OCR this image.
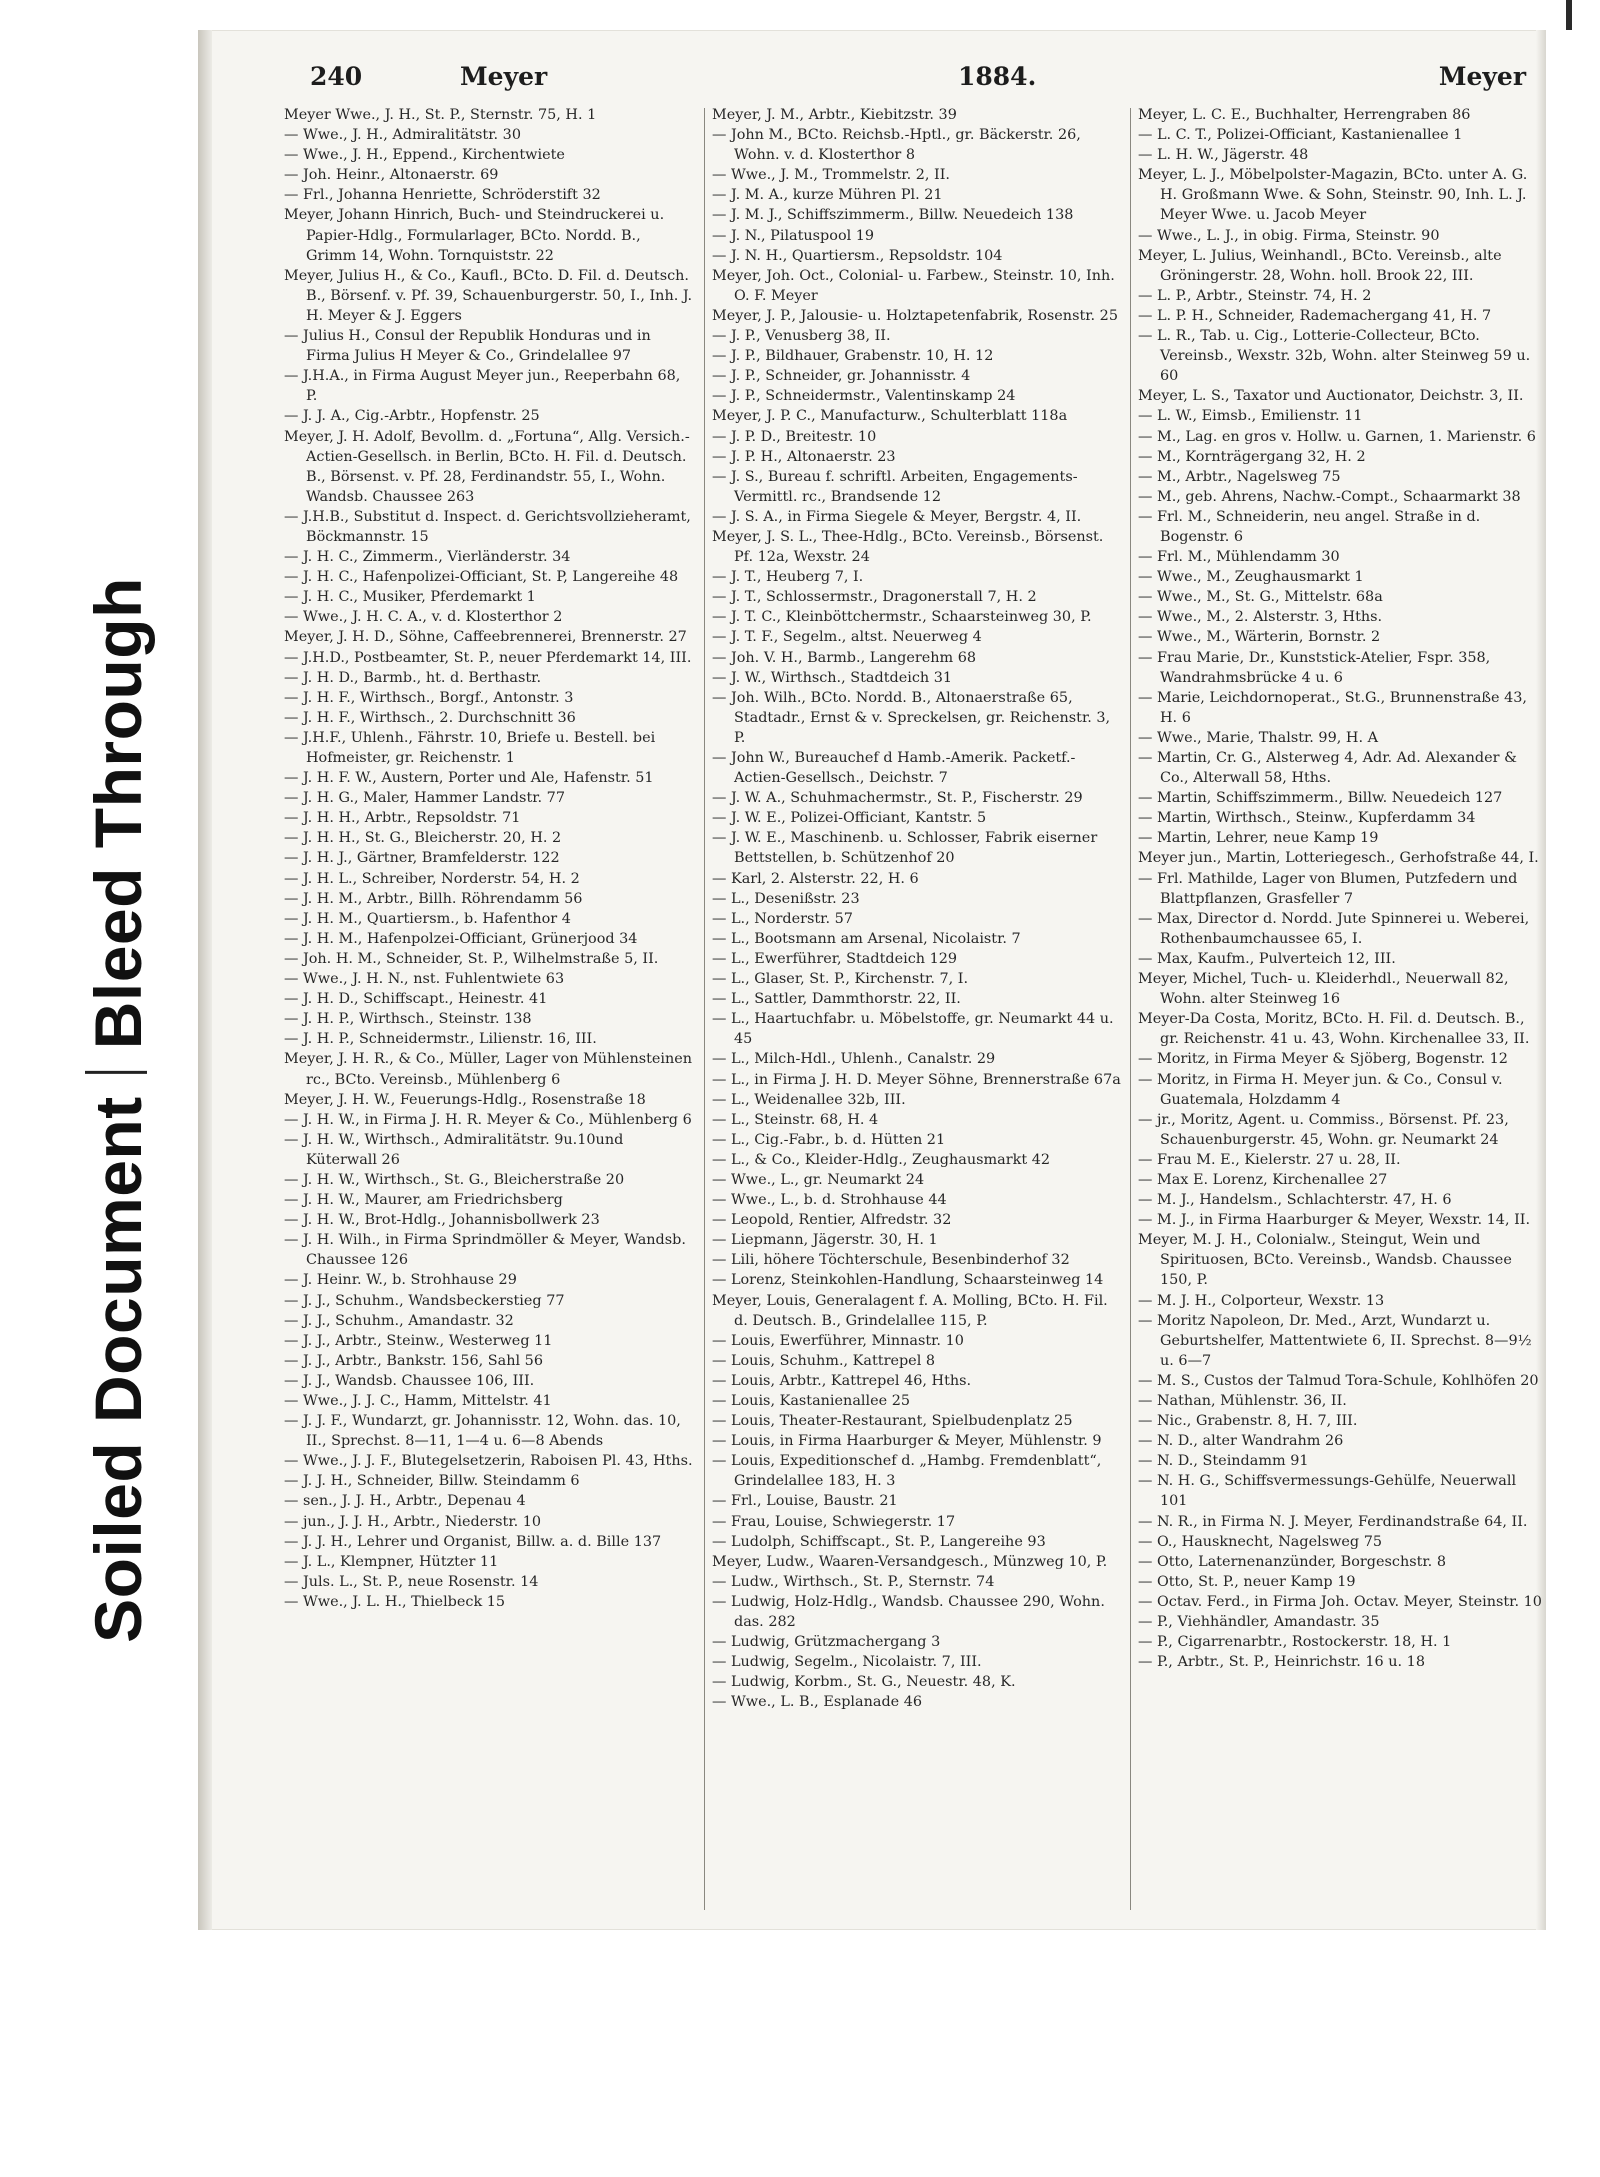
Soiled DocumentBleed Through
240	Meyer	1884.	Meyer

Meyer Wwe., J. H., St. P., Sternstr. 75, H. 1

— Wwe., J. H., Admiralitätstr. 30

— Wwe., J. H., Eppend., Kirchentwiete

— Joh. Heinr., Altonaerstr. 69

— Frl., Johanna Henriette, Schröderstift 32

Meyer, Johann Hinrich, Buch- und Steindruckerei u. Papier-Hdlg., Formularlager, BCto. Nordd. B., Grimm 14, Wohn. Tornquiststr. 22

Meyer, Julius H., & Co., Kaufl., BCto. D. Fil. d. Deutsch. B., Börsenf. v. Pf. 39, Schauenburgerstr. 50, I., Inh. J. H. Meyer & J. Eggers

— Julius H., Consul der Republik Honduras und in Firma Julius H Meyer & Co., Grindelallee 97

— J.H.A., in Firma August Meyer jun., Reeperbahn 68, P.

— J. J. A., Cig.-Arbtr., Hopfenstr. 25

Meyer, J. H. Adolf, Bevollm. d. „Fortuna“, Allg. Versich.-Actien-Gesellsch. in Berlin, BCto. H. Fil. d. Deutsch. B., Börsenst. v. Pf. 28, Ferdinandstr. 55, I., Wohn. Wandsb. Chaussee 263

— J.H.B., Substitut d. Inspect. d. Gerichtsvollzieheramt, Böckmannstr. 15

— J. H. C., Zimmerm., Vierländerstr. 34

— J. H. C., Hafenpolizei-Officiant, St. P, Langereihe 48

— J. H. C., Musiker, Pferdemarkt 1

— Wwe., J. H. C. A., v. d. Klosterthor 2

Meyer, J. H. D., Söhne, Caffeebrennerei, Brennerstr. 27

— J.H.D., Postbeamter, St. P., neuer Pferdemarkt 14, III.

— J. H. D., Barmb., ht. d. Berthastr.

— J. H. F., Wirthsch., Borgf., Antonstr. 3

— J. H. F., Wirthsch., 2. Durchschnitt 36

— J.H.F., Uhlenh., Fährstr. 10, Briefe u. Bestell. bei Hofmeister, gr. Reichenstr. 1

— J. H. F. W., Austern, Porter und Ale, Hafenstr. 51

— J. H. G., Maler, Hammer Landstr. 77

— J. H. H., Arbtr., Repsoldstr. 71

— J. H. H., St. G., Bleicherstr. 20, H. 2

— J. H. J., Gärtner, Bramfelderstr. 122

— J. H. L., Schreiber, Norderstr. 54, H. 2

— J. H. M., Arbtr., Billh. Röhrendamm 56

— J. H. M., Quartiersm., b. Hafenthor 4

— J. H. M., Hafenpolzei-Officiant, Grünerjood 34

— Joh. H. M., Schneider, St. P., Wilhelmstraße 5, II.

— Wwe., J. H. N., nst. Fuhlentwiete 63

— J. H. D., Schiffscapt., Heinestr. 41

— J. H. P., Wirthsch., Steinstr. 138

— J. H. P., Schneidermstr., Lilienstr. 16, III.

Meyer, J. H. R., & Co., Müller, Lager von Mühlensteinen rc., BCto. Vereinsb., Mühlenberg 6

Meyer, J. H. W., Feuerungs-Hdlg., Rosenstraße 18

— J. H. W., in Firma J. H. R. Meyer & Co., Mühlenberg 6

— J. H. W., Wirthsch., Admiralitätstr. 9u.10und Küterwall 26

— J. H. W., Wirthsch., St. G., Bleicherstraße 20

— J. H. W., Maurer, am Friedrichsberg

— J. H. W., Brot-Hdlg., Johannisbollwerk 23

— J. H. Wilh., in Firma Sprindmöller & Meyer, Wandsb. Chaussee 126

— J. Heinr. W., b. Strohhause 29

— J. J., Schuhm., Wandsbeckerstieg 77

— J. J., Schuhm., Amandastr. 32

— J. J., Arbtr., Steinw., Westerweg 11

— J. J., Arbtr., Bankstr. 156, Sahl 56

— J. J., Wandsb. Chaussee 106, III.

— Wwe., J. J. C., Hamm, Mittelstr. 41

— J. J. F., Wundarzt, gr. Johannisstr. 12, Wohn. das. 10, II., Sprechst. 8—11, 1—4 u. 6—8 Abends

— Wwe., J. J. F., Blutegelsetzerin, Raboisen Pl. 43, Hths.

— J. J. H., Schneider, Billw. Steindamm 6

— sen., J. J. H., Arbtr., Depenau 4

— jun., J. J. H., Arbtr., Niederstr. 10

— J. J. H., Lehrer und Organist, Billw. a. d. Bille 137

— J. L., Klempner, Hützter 11

— Juls. L., St. P., neue Rosenstr. 14

— Wwe., J. L. H., Thielbeck 15

Meyer, J. M., Arbtr., Kiebitzstr. 39

— John M., BCto. Reichsb.-Hptl., gr. Bäckerstr. 26, Wohn. v. d. Klosterthor 8

— Wwe., J. M., Trommelstr. 2, II.

— J. M. A., kurze Mühren Pl. 21

— J. M. J., Schiffszimmerm., Billw. Neuedeich 138

— J. N., Pilatuspool 19

— J. N. H., Quartiersm., Repsoldstr. 104

Meyer, Joh. Oct., Colonial- u. Farbew., Steinstr. 10, Inh. O. F. Meyer

Meyer, J. P., Jalousie- u. Holztapetenfabrik, Rosenstr. 25

— J. P., Venusberg 38, II.

— J. P., Bildhauer, Grabenstr. 10, H. 12

— J. P., Schneider, gr. Johannisstr. 4

— J. P., Schneidermstr., Valentinskamp 24

Meyer, J. P. C., Manufacturw., Schulterblatt 118a

— J. P. D., Breitestr. 10

— J. P. H., Altonaerstr. 23

— J. S., Bureau f. schriftl. Arbeiten, Engagements-Vermittl. rc., Brandsende 12

— J. S. A., in Firma Siegele & Meyer, Bergstr. 4, II.

Meyer, J. S. L., Thee-Hdlg., BCto. Vereinsb., Börsenst. Pf. 12a, Wexstr. 24

— J. T., Heuberg 7, I.

— J. T., Schlossermstr., Dragonerstall 7, H. 2

— J. T. C., Kleinböttchermstr., Schaarsteinweg 30, P.

— J. T. F., Segelm., altst. Neuerweg 4

— Joh. V. H., Barmb., Langerehm 68

— J. W., Wirthsch., Stadtdeich 31

— Joh. Wilh., BCto. Nordd. B., Altonaerstraße 65, Stadtadr., Ernst & v. Spreckelsen, gr. Reichenstr. 3, P.

— John W., Bureauchef d Hamb.-Amerik. Packetf.-Actien-Gesellsch., Deichstr. 7

— J. W. A., Schuhmachermstr., St. P., Fischerstr. 29

— J. W. E., Polizei-Officiant, Kantstr. 5

— J. W. E., Maschinenb. u. Schlosser, Fabrik eiserner Bettstellen, b. Schützenhof 20

— Karl, 2. Alsterstr. 22, H. 6

— L., Desenißstr. 23

— L., Norderstr. 57

— L., Bootsmann am Arsenal, Nicolaistr. 7

— L., Ewerführer, Stadtdeich 129

— L., Glaser, St. P., Kirchenstr. 7, I.

— L., Sattler, Dammthorstr. 22, II.

— L., Haartuchfabr. u. Möbelstoffe, gr. Neumarkt 44 u. 45

— L., Milch-Hdl., Uhlenh., Canalstr. 29

— L., in Firma J. H. D. Meyer Söhne, Brennerstraße 67a

— L., Weidenallee 32b, III.

— L., Steinstr. 68, H. 4

— L., Cig.-Fabr., b. d. Hütten 21

— L., & Co., Kleider-Hdlg., Zeughausmarkt 42

— Wwe., L., gr. Neumarkt 24

— Wwe., L., b. d. Strohhause 44

— Leopold, Rentier, Alfredstr. 32

— Liepmann, Jägerstr. 30, H. 1

— Lili, höhere Töchterschule, Besenbinderhof 32

— Lorenz, Steinkohlen-Handlung, Schaarsteinweg 14

Meyer, Louis, Generalagent f. A. Molling, BCto. H. Fil. d. Deutsch. B., Grindelallee 115, P.

— Louis, Ewerführer, Minnastr. 10

— Louis, Schuhm., Kattrepel 8

— Louis, Arbtr., Kattrepel 46, Hths.

— Louis, Kastanienallee 25

— Louis, Theater-Restaurant, Spielbudenplatz 25

— Louis, in Firma Haarburger & Meyer, Mühlenstr. 9

— Louis, Expeditionschef d. „Hambg. Fremdenblatt“, Grindelallee 183, H. 3

— Frl., Louise, Baustr. 21

— Frau, Louise, Schwiegerstr. 17

— Ludolph, Schiffscapt., St. P., Langereihe 93

Meyer, Ludw., Waaren-Versandgesch., Münzweg 10, P.

— Ludw., Wirthsch., St. P., Sternstr. 74

— Ludwig, Holz-Hdlg., Wandsb. Chaussee 290, Wohn. das. 282

— Ludwig, Grützmachergang 3

— Ludwig, Segelm., Nicolaistr. 7, III.

— Ludwig, Korbm., St. G., Neuestr. 48, K.

— Wwe., L. B., Esplanade 46

Meyer, L. C. E., Buchhalter, Herrengraben 86

— L. C. T., Polizei-Officiant, Kastanienallee 1

— L. H. W., Jägerstr. 48

Meyer, L. J., Möbelpolster-Magazin, BCto. unter A. G. H. Großmann Wwe. & Sohn, Steinstr. 90, Inh. L. J. Meyer Wwe. u. Jacob Meyer

— Wwe., L. J., in obig. Firma, Steinstr. 90

Meyer, L. Julius, Weinhandl., BCto. Vereinsb., alte Gröningerstr. 28, Wohn. holl. Brook 22, III.

— L. P., Arbtr., Steinstr. 74, H. 2

— L. P. H., Schneider, Rademachergang 41, H. 7

— L. R., Tab. u. Cig., Lotterie-Collecteur, BCto. Vereinsb., Wexstr. 32b, Wohn. alter Steinweg 59 u. 60

Meyer, L. S., Taxator und Auctionator, Deichstr. 3, II.

— L. W., Eimsb., Emilienstr. 11

— M., Lag. en gros v. Hollw. u. Garnen, 1. Marienstr. 6

— M., Kornträgergang 32, H. 2

— M., Arbtr., Nagelsweg 75

— M., geb. Ahrens, Nachw.-Compt., Schaarmarkt 38

— Frl. M., Schneiderin, neu angel. Straße in d. Bogenstr. 6

— Frl. M., Mühlendamm 30

— Wwe., M., Zeughausmarkt 1

— Wwe., M., St. G., Mittelstr. 68a

— Wwe., M., 2. Alsterstr. 3, Hths.

— Wwe., M., Wärterin, Bornstr. 2

— Frau Marie, Dr., Kunststick-Atelier, Fspr. 358, Wandrahmsbrücke 4 u. 6

— Marie, Leichdornoperat., St.G., Brunnenstraße 43, H. 6

— Wwe., Marie, Thalstr. 99, H. A

— Martin, Cr. G., Alsterweg 4, Adr. Ad. Alexander & Co., Alterwall 58, Hths.

— Martin, Schiffszimmerm., Billw. Neuedeich 127

— Martin, Wirthsch., Steinw., Kupferdamm 34

— Martin, Lehrer, neue Kamp 19

Meyer jun., Martin, Lotteriegesch., Gerhofstraße 44, I.

— Frl. Mathilde, Lager von Blumen, Putzfedern und Blattpflanzen, Grasfeller 7

— Max, Director d. Nordd. Jute Spinnerei u. Weberei, Rothenbaumchaussee 65, I.

— Max, Kaufm., Pulverteich 12, III.

Meyer, Michel, Tuch- u. Kleiderhdl., Neuerwall 82, Wohn. alter Steinweg 16

Meyer-Da Costa, Moritz, BCto. H. Fil. d. Deutsch. B., gr. Reichenstr. 41 u. 43, Wohn. Kirchenallee 33, II.

— Moritz, in Firma Meyer & Sjöberg, Bogenstr. 12

— Moritz, in Firma H. Meyer jun. & Co., Consul v. Guatemala, Holzdamm 4

— jr., Moritz, Agent. u. Commiss., Börsenst. Pf. 23, Schauenburgerstr. 45, Wohn. gr. Neumarkt 24

— Frau M. E., Kielerstr. 27 u. 28, II.

— Max E. Lorenz, Kirchenallee 27

— M. J., Handelsm., Schlachterstr. 47, H. 6

— M. J., in Firma Haarburger & Meyer, Wexstr. 14, II.

Meyer, M. J. H., Colonialw., Steingut, Wein und Spirituosen, BCto. Vereinsb., Wandsb. Chaussee 150, P.

— M. J. H., Colporteur, Wexstr. 13

— Moritz Napoleon, Dr. Med., Arzt, Wundarzt u. Geburtshelfer, Mattentwiete 6, II. Sprechst. 8—9½ u. 6—7

— M. S., Custos der Talmud Tora-Schule, Kohlhöfen 20

— Nathan, Mühlenstr. 36, II.

— Nic., Grabenstr. 8, H. 7, III.

— N. D., alter Wandrahm 26

— N. D., Steindamm 91

— N. H. G., Schiffsvermessungs-Gehülfe, Neuerwall 101

— N. R., in Firma N. J. Meyer, Ferdinandstraße 64, II.

— O., Hausknecht, Nagelsweg 75

— Otto, Laternenanzünder, Borgeschstr. 8

— Otto, St. P., neuer Kamp 19

— Octav. Ferd., in Firma Joh. Octav. Meyer, Steinstr. 10

— P., Viehhändler, Amandastr. 35

— P., Cigarrenarbtr., Rostockerstr. 18, H. 1

— P., Arbtr., St. P., Heinrichstr. 16 u. 18
